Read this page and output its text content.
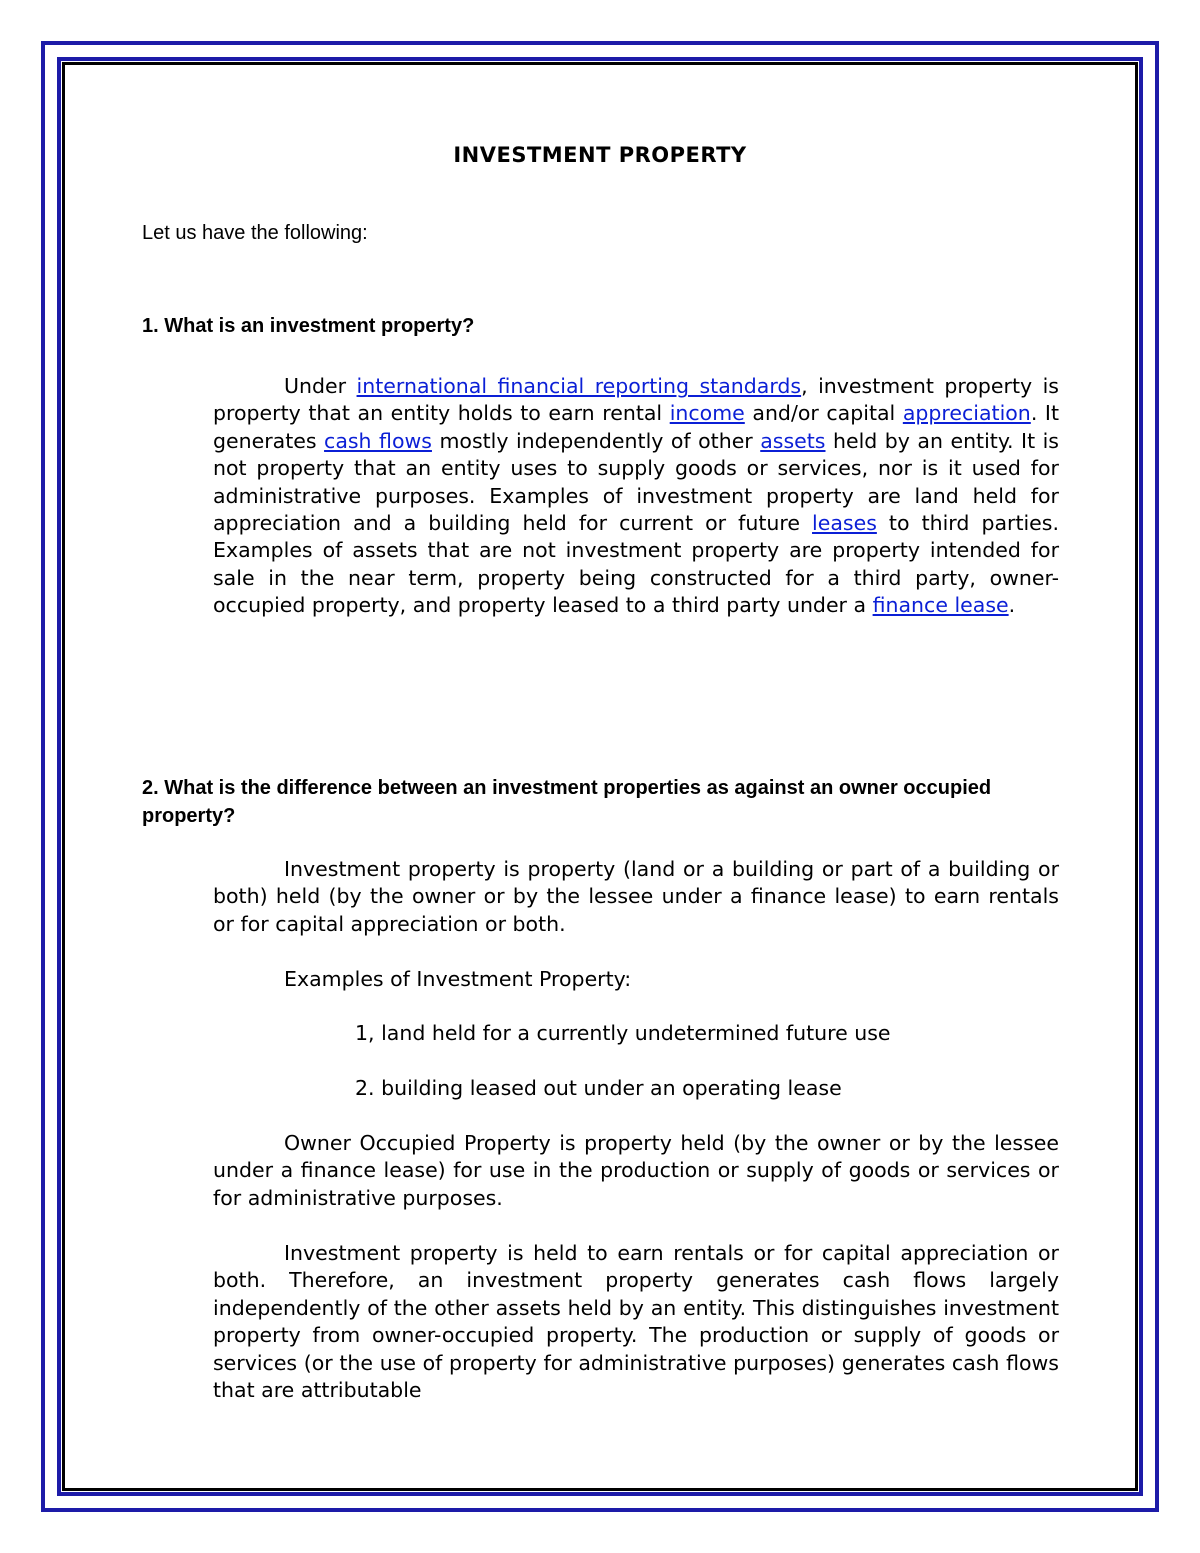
INVESTMENT PROPERTY
Let us have the following:
1. What is an investment property?
Under international financial reporting standards, investment property is property that an entity holds to earn rental income and/or capital appreciation. It generates cash flows mostly independently of other assets held by an entity. It is not property that an entity uses to supply goods or services, nor is it used for administrative purposes. Examples of investment property are land held for appreciation and a building held for current or future leases to third parties. Examples of assets that are not investment property are property intended for sale in the near term, property being constructed for a third party, owner-occupied property, and property leased to a third party under a finance lease.
2. What is the difference between an investment properties as against an owner occupied property?
Investment property is property (land or a building or part of a building or both) held (by the owner or by the lessee under a finance lease) to earn rentals or for capital appreciation or both.
Examples of Investment Property:
1, land held for a currently undetermined future use
2. building leased out under an operating lease
Owner Occupied Property is property held (by the owner or by the lessee under a finance lease) for use in the production or supply of goods or services or for administrative purposes.
Investment property is held to earn rentals or for capital appreciation or both. Therefore, an investment property generates cash flows largely independently of the other assets held by an entity. This distinguishes investment property from owner-occupied property. The production or supply of goods or services (or the use of property for administrative purposes) generates cash flows that are attributable
